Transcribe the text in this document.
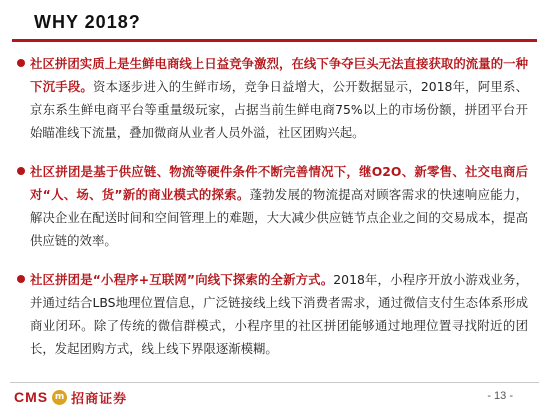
WHY 2018?

社区拼团实质上是生鲜电商线上日益竞争激烈，在线下争夺巨头无法直接获取的流量的一种下沉手段。资本逐步进入的生鲜市场，竞争日益增大，公开数据显示，2018年，阿里系、京东系生鲜电商平台等重量级玩家，占据当前生鲜电商75%以上的市场份额，拼团平台开始瞄准线下流量，叠加微商从业者人员外溢，社区团购兴起。

社区拼团是基于供应链、物流等硬件条件不断完善情况下，继O2O、新零售、社交电商后对“人、场、货”新的商业模式的探索。蓬勃发展的物流提高对顾客需求的快速响应能力，解决企业在配送时间和空间管理上的难题，大大减少供应链节点企业之间的交易成本，提高供应链的效率。

社区拼团是“小程序+互联网”向线下探索的全新方式。2018年，小程序开放小游戏业务，并通过结合LBS地理位置信息，广泛链接线上线下消费者需求，通过微信支付生态体系形成商业闭环。除了传统的微信群模式，小程序里的社区拼团能够通过地理位置寻找附近的团长，发起团购方式，线上线下界限逐渐模糊。

CMS m 招商证券	- 13 -
